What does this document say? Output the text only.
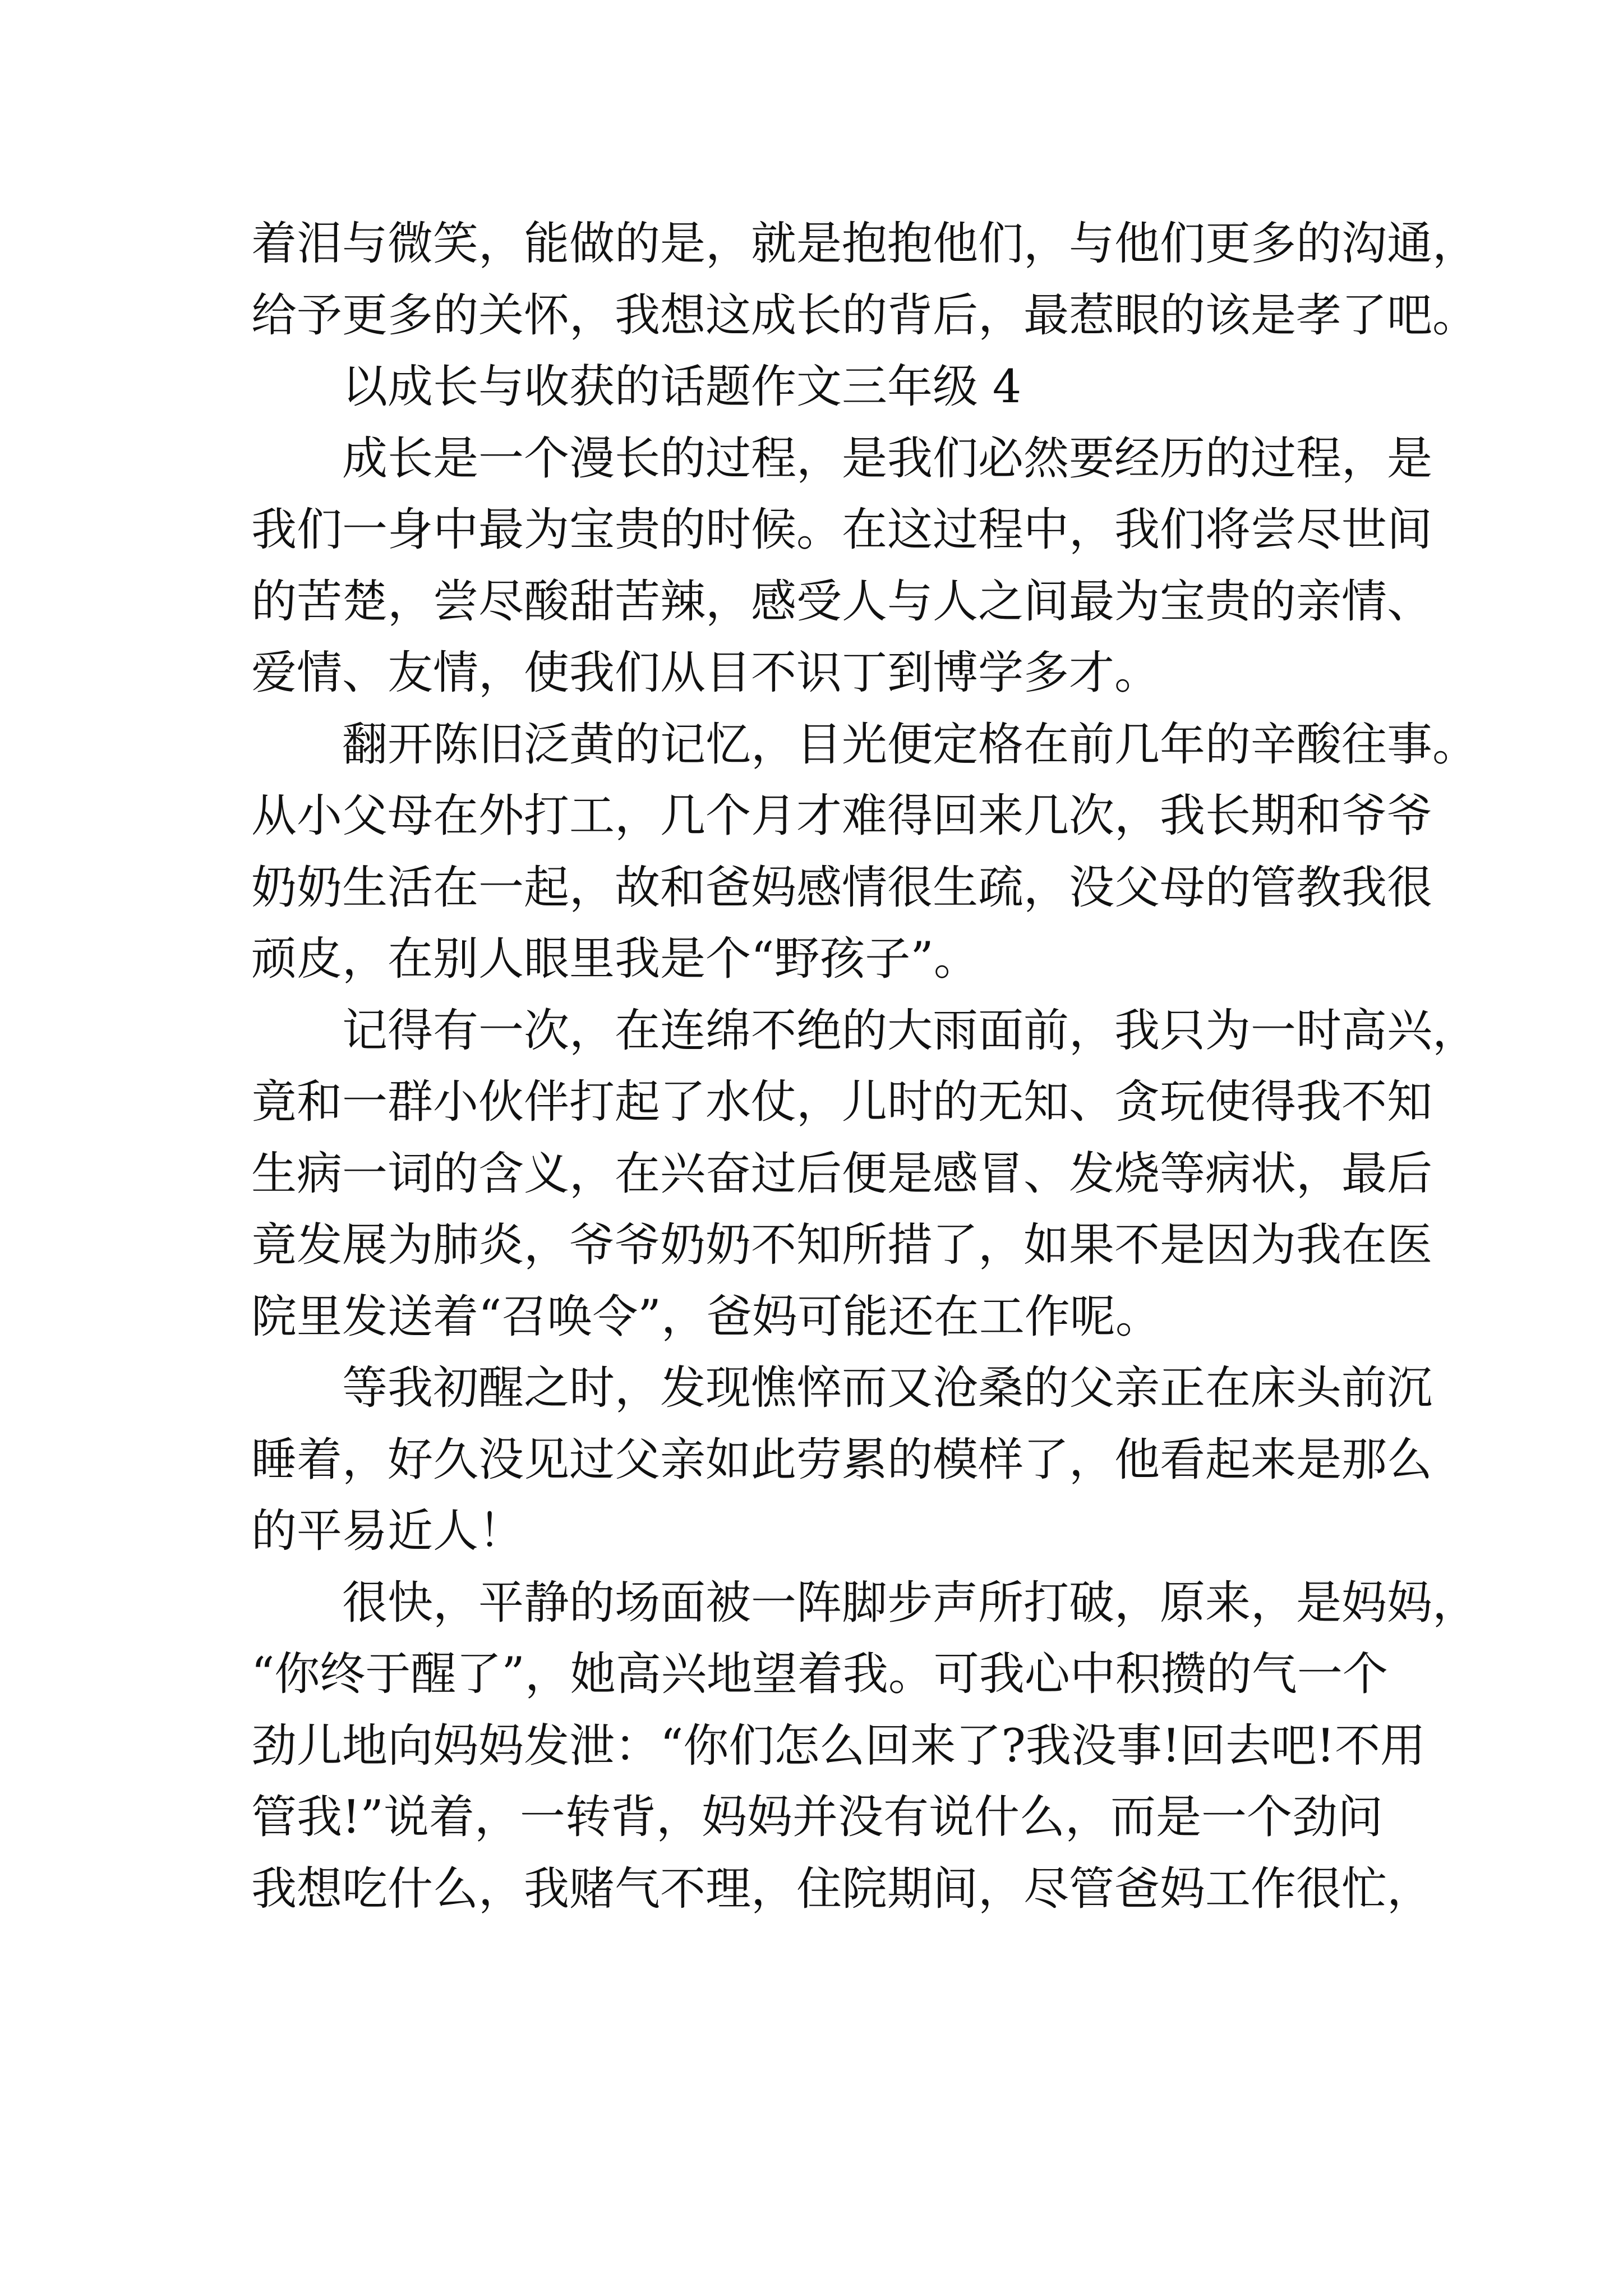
着泪与微笑，能做的是，就是抱抱他们，与他们更多的沟通，
给予更多的关怀，我想这成长的背后，最惹眼的该是孝了吧。
以成长与收获的话题作文三年级 4
成长是一个漫长的过程，是我们必然要经历的过程，是
我们一身中最为宝贵的时候。在这过程中，我们将尝尽世间
的苦楚，尝尽酸甜苦辣，感受人与人之间最为宝贵的亲情、
爱情、友情，使我们从目不识丁到博学多才。
翻开陈旧泛黄的记忆，目光便定格在前几年的辛酸往事。
从小父母在外打工，几个月才难得回来几次，我长期和爷爷
奶奶生活在一起，故和爸妈感情很生疏，没父母的管教我很
顽皮，在别人眼里我是个“野孩子”。
记得有一次，在连绵不绝的大雨面前，我只为一时高兴，
竟和一群小伙伴打起了水仗，儿时的无知、贪玩使得我不知
生病一词的含义，在兴奋过后便是感冒、发烧等病状，最后
竟发展为肺炎，爷爷奶奶不知所措了，如果不是因为我在医
院里发送着“召唤令”，爸妈可能还在工作呢。
等我初醒之时，发现憔悴而又沧桑的父亲正在床头前沉
睡着，好久没见过父亲如此劳累的模样了，他看起来是那么
的平易近人！
很快，平静的场面被一阵脚步声所打破，原来，是妈妈，
“你终于醒了”，她高兴地望着我。可我心中积攒的气一个
劲儿地向妈妈发泄：“你们怎么回来了?我没事!回去吧!不用
管我!”说着，一转背，妈妈并没有说什么，而是一个劲问
我想吃什么，我赌气不理，住院期间，尽管爸妈工作很忙，
